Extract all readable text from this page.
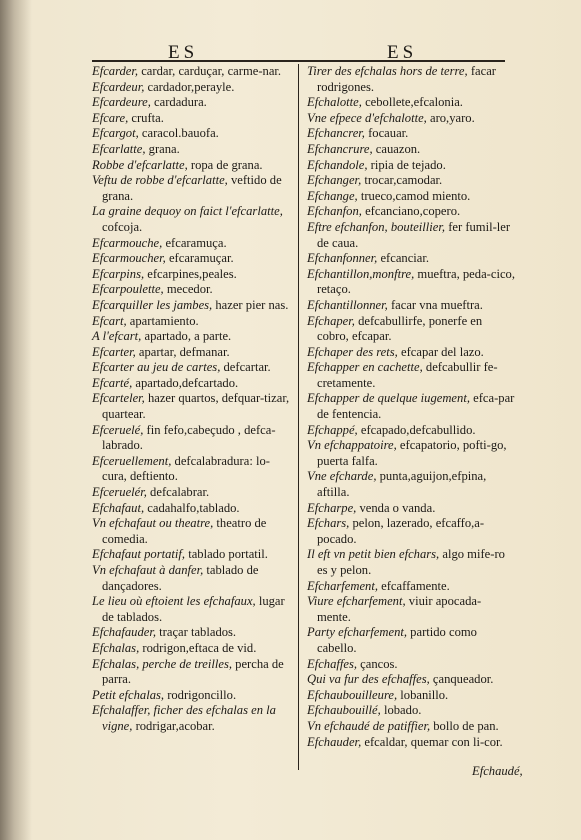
ES	ES

Efcarder, cardar, carduçar, carme-nar.

Efcardeur, cardador,perayle.

Efcardeure, cardadura.

Efcare, crufta.

Efcargot, caracol.bauofa.

Efcarlatte, grana.

Robbe d'efcarlatte, ropa de grana.

Veftu de robbe d'efcarlatte, veftido de grana.

La graine dequoy on faict l'efcarlatte, cofcoja.

Efcarmouche, efcaramuça.

Efcarmoucher, efcaramuçar.

Efcarpins, efcarpines,peales.

Efcarpoulette, mecedor.

Efcarquiller les jambes, hazer pier nas.

Efcart, apartamiento.

A l'efcart, apartado, a parte.

Efcarter, apartar, defmanar.

Efcarter au jeu de cartes, defcartar.

Efcarté, apartado,defcartado.

Efcarteler, hazer quartos, defquar-tizar, quartear.

Efceruelé, fin fefo,cabeçudo , defca-labrado.

Efceruellement, defcalabradura: lo-cura, deftiento.

Efceruelér, defcalabrar.

Efchafaut, cadahalfo,tablado.

Vn efchafaut ou theatre, theatro de comedia.

Efchafaut portatif, tablado portatil.

Vn efchafaut à danfer, tablado de dançadores.

Le lieu où eftoient les efchafaux, lugar de tablados.

Efchafauder, traçar tablados.

Efchalas, rodrigon,eftaca de vid.

Efchalas, perche de treilles, percha de parra.

Petit efchalas, rodrigoncillo.

Efchalaffer, ficher des efchalas en la vigne, rodrigar,acobar.

Tirer des efchalas hors de terre, facar rodrigones.

Efchalotte, cebollete,efcalonia.

Vne efpece d'efchalotte, aro,yaro.

Efchancrer, focauar.

Efchancrure, cauazon.

Efchandole, ripia de tejado.

Efchanger, trocar,camodar.

Efchange, trueco,camod miento.

Efchanfon, efcanciano,copero.

Eftre efchanfon, bouteillier, fer fumil-ler de caua.

Efchanfonner, efcanciar.

Efchantillon,monftre, mueftra, peda-cico, retaço.

Efchantillonner, facar vna mueftra.

Efchaper, defcabullirfe, ponerfe en cobro, efcapar.

Efchaper des rets, efcapar del lazo.

Efchapper en cachette, defcabullir fe-cretamente.

Efchapper de quelque iugement, efca-par de fentencia.

Efchappé, efcapado,defcabullido.

Vn efchappatoire, efcapatorio, pofti-go, puerta falfa.

Vne efcharde, punta,aguijon,efpina, aftilla.

Efcharpe, venda o vanda.

Efchars, pelon, lazerado, efcaffo,a-pocado.

Il eft vn petit bien efchars, algo mife-ro es y pelon.

Efcharfement, efcaffamente.

Viure efcharfement, viuir apocada-mente.

Party efcharfement, partido como cabello.

Efchaffes, çancos.

Qui va fur des efchaffes, çanqueador.

Efchaubouilleure, lobanillo.

Efchaubouillé, lobado.

Vn efchaudé de patiffier, bollo de pan.

Efchauder, efcaldar, quemar con li-cor.

Efchaudé,
